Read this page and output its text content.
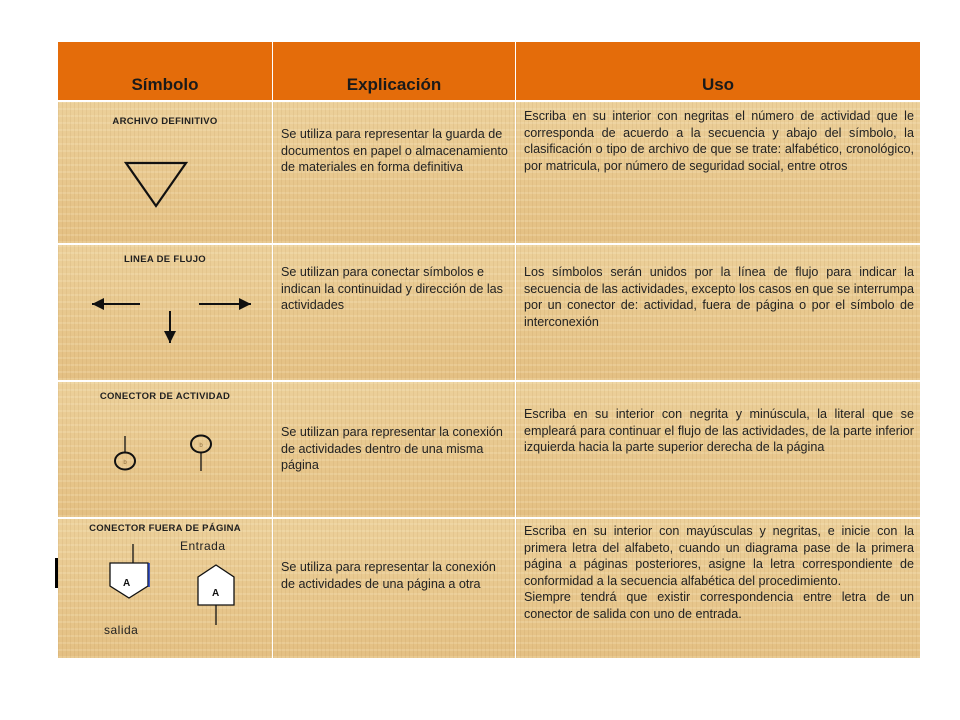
Símbolo	Explicación	Uso
ARCHIVO DEFINITIVO
Se utiliza para representar la guarda de documentos en papel o almacenamiento de materiales en forma definitiva
Escriba en su interior con negritas el número de actividad que le corresponda de acuerdo a la secuencia y abajo del símbolo, la clasificación o tipo de archivo de que se trate: alfabético, cronológico, por matricula, por número de seguridad social, entre otros
LINEA DE FLUJO
Se utilizan para conectar símbolos e indican la continuidad y dirección de las actividades
Los símbolos serán unidos por la línea de flujo para indicar la secuencia de las actividades, excepto los casos en que se interrumpa por un conector de: actividad, fuera de página o por el símbolo de interconexión
CONECTOR DE ACTIVIDAD
b
b
Se utilizan para representar la conexión de actividades dentro de una misma página
Escriba en su interior con negrita y minúscula, la literal que se empleará para continuar el flujo de las actividades, de la parte inferior izquierda hacia la parte superior derecha de la página
CONECTOR FUERA DE PÁGINA
Entrada
salida
A
A
Se utiliza para representar la conexión de actividades de una página a otra
Escriba en su interior con mayúsculas y negritas, e inicie con la primera letra del alfabeto, cuando un diagrama pase de la primera página a páginas posteriores, asigne la letra correspondiente de conformidad a la secuencia alfabética del procedimiento.
Siempre tendrá que existir correspondencia entre letra de un conector de salida con uno de entrada.
